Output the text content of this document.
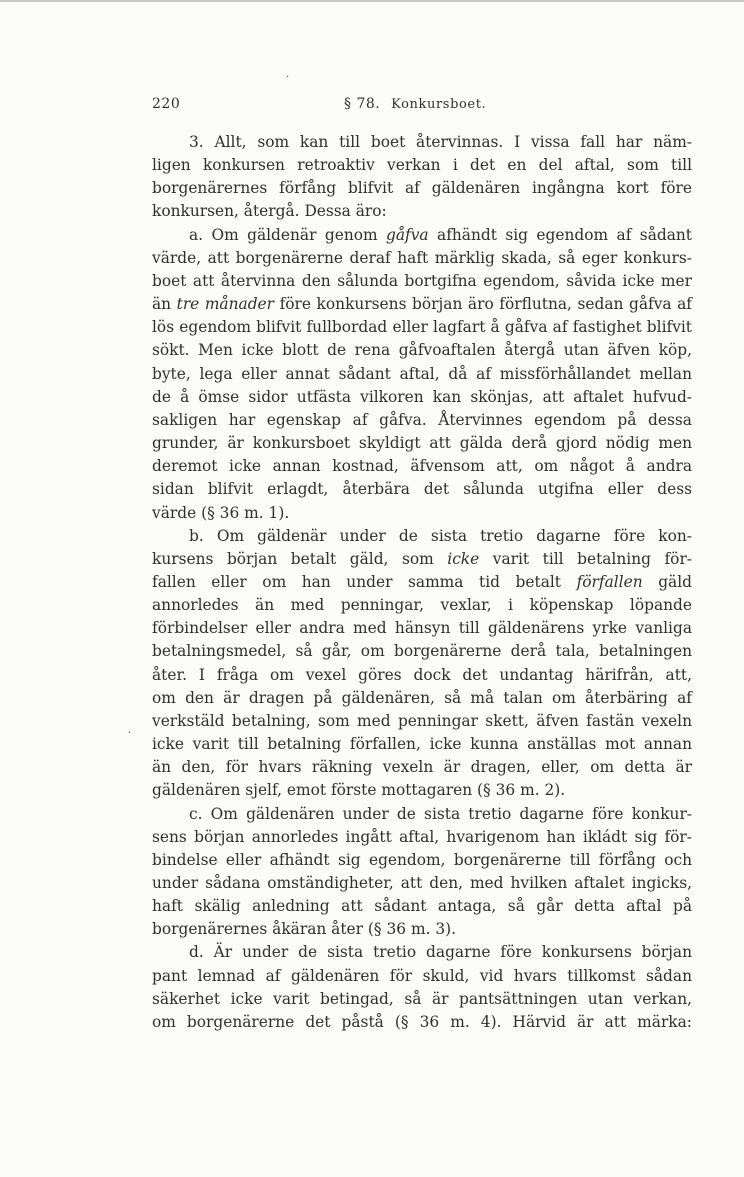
·
·
220	§ 78. Konkursboet.
3. Allt, som kan till boet återvinnas. I vissa fall har näm-
ligen konkursen retroaktiv verkan i det en del aftal, som till
borgenärernes förfång blifvit af gäldenären ingångna kort före
konkursen, återgå. Dessa äro:
a. Om gäldenär genom gåfva afhändt sig egendom af sådant
värde, att borgenärerne deraf haft märklig skada, så eger konkurs-
boet att återvinna den sålunda bortgifna egendom, såvida icke mer
än tre månader före konkursens början äro förflutna, sedan gåfva af
lös egendom blifvit fullbordad eller lagfart å gåfva af fastighet blifvit
sökt. Men icke blott de rena gåfvoaftalen återgå utan äfven köp,
byte, lega eller annat sådant aftal, då af missförhållandet mellan
de å ömse sidor utfästa vilkoren kan skönjas, att aftalet hufvud-
sakligen har egenskap af gåfva. Återvinnes egendom på dessa
grunder, är konkursboet skyldigt att gälda derå gjord nödig men
deremot icke annan kostnad, äfvensom att, om något å andra
sidan blifvit erlagdt, återbära det sålunda utgifna eller dess
värde (§ 36 m. 1).
b. Om gäldenär under de sista tretio dagarne före kon-
kursens början betalt gäld, som icke varit till betalning för-
fallen eller om han under samma tid betalt förfallen gäld
annorledes än med penningar, vexlar, i köpenskap löpande
förbindelser eller andra med hänsyn till gäldenärens yrke vanliga
betalningsmedel, så går, om borgenärerne derå tala, betalningen
åter. I fråga om vexel göres dock det undantag härifrån, att,
om den är dragen på gäldenären, så må talan om återbäring af
verkstäld betalning, som med penningar skett, äfven fastän vexeln
icke varit till betalning förfallen, icke kunna anställas mot annan
än den, för hvars räkning vexeln är dragen, eller, om detta är
gäldenären sjelf, emot förste mottagaren (§ 36 m. 2).
c. Om gäldenären under de sista tretio dagarne före konkur-
sens början annorledes ingått aftal, hvarigenom han ikládt sig för-
bindelse eller afhändt sig egendom, borgenärerne till förfång och
under sådana omständigheter, att den, med hvilken aftalet ingicks,
haft skälig anledning att sådant antaga, så går detta aftal på
borgenärernes åkäran åter (§ 36 m. 3).
d. Är under de sista tretio dagarne före konkursens början
pant lemnad af gäldenären för skuld, vid hvars tillkomst sådan
säkerhet icke varit betingad, så är pantsättningen utan verkan,
om borgenärerne det påstå (§ 36 m. 4). Härvid är att märka:
